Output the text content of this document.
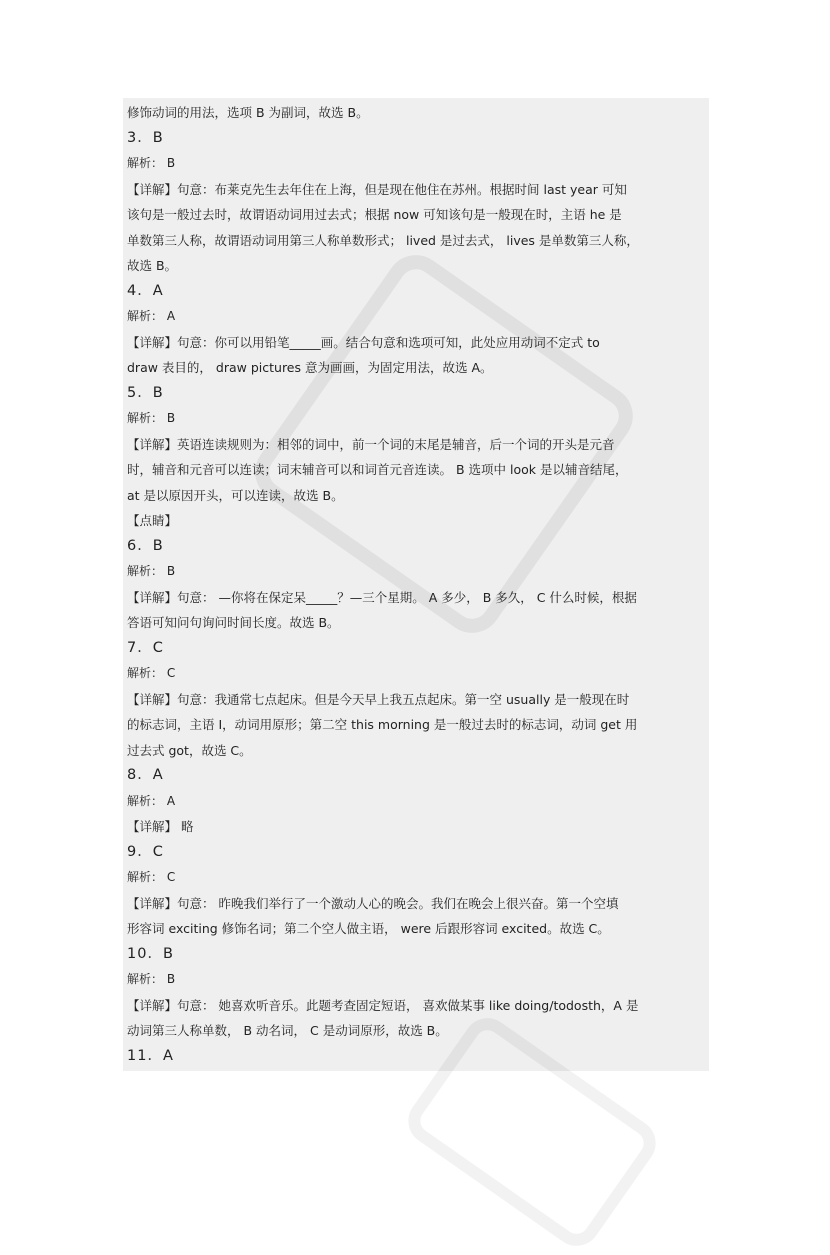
修饰动词的用法，选项 B 为副词，故选 B。
3．B
解析： B
【详解】句意：布莱克先生去年住在上海，但是现在他住在苏州。根据时间 last year 可知
该句是一般过去时，故谓语动词用过去式；根据 now 可知该句是一般现在时，主语 he 是
单数第三人称，故谓语动词用第三人称单数形式； lived 是过去式， lives 是单数第三人称，
故选 B。
4．A
解析： A
【详解】句意：你可以用铅笔_____画。结合句意和选项可知，此处应用动词不定式 to
draw 表目的， draw pictures 意为画画，为固定用法，故选 A。
5．B
解析： B
【详解】英语连读规则为：相邻的词中，前一个词的末尾是辅音，后一个词的开头是元音
时，辅音和元音可以连读；词末辅音可以和词首元音连读。 B 选项中 look 是以辅音结尾，
at 是以原因开头，可以连读，故选 B。
【点睛】
6．B
解析： B
【详解】句意： —你将在保定呆_____？—三个星期。 A 多少， B 多久， C 什么时候，根据
答语可知问句询问时间长度。故选 B。
7．C
解析： C
【详解】句意：我通常七点起床。但是今天早上我五点起床。第一空 usually 是一般现在时
的标志词，主语 I，动词用原形；第二空 this morning 是一般过去时的标志词，动词 get 用
过去式 got，故选 C。
8．A
解析： A
【详解】 略
9．C
解析： C
【详解】句意： 昨晚我们举行了一个激动人心的晚会。我们在晚会上很兴奋。第一个空填
形容词 exciting 修饰名词；第二个空人做主语， were 后跟形容词 excited。故选 C。
10．B
解析： B
【详解】句意： 她喜欢听音乐。此题考查固定短语， 喜欢做某事 like doing/todosth，A 是
动词第三人称单数， B 动名词， C 是动词原形，故选 B。
11．A
